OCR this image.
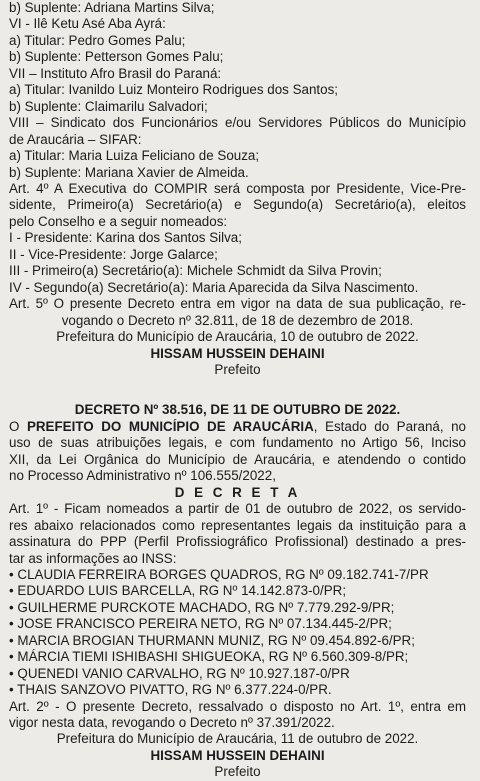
b) Suplente: Adriana Martins Silva;
VI - Ilê Ketu Asé Aba Ayrá:
a) Titular: Pedro Gomes Palu;
b) Suplente: Petterson Gomes Palu;
VII – Instituto Afro Brasil do Paraná:
a) Titular: Ivanildo Luiz Monteiro Rodrigues dos Santos;
b) Suplente: Claimarilu Salvadori;
VIII – Sindicato dos Funcionários e/ou Servidores Públicos do Município
de Araucária – SIFAR:
a) Titular: Maria Luiza Feliciano de Souza;
b) Suplente: Mariana Xavier de Almeida.
Art. 4º A Executiva do COMPIR será composta por Presidente, Vice-Pre-
sidente, Primeiro(a) Secretário(a) e Segundo(a) Secretário(a), eleitos
pelo Conselho e a seguir nomeados:
I - Presidente: Karina dos Santos Silva;
II - Vice-Presidente: Jorge Galarce;
III - Primeiro(a) Secretário(a): Michele Schmidt da Silva Provin;
IV - Segundo(a) Secretário(a): Maria Aparecida da Silva Nascimento.
Art. 5º O presente Decreto entra em vigor na data de sua publicação, re-
vogando o Decreto nº 32.811, de 18 de dezembro de 2018.
Prefeitura do Município de Araucária, 10 de outubro de 2022.
HISSAM HUSSEIN DEHAINI
Prefeito
DECRETO Nº 38.516, DE 11 DE OUTUBRO DE 2022.
O PREFEITO DO MUNICÍPIO DE ARAUCÁRIA, Estado do Paraná, no
uso de suas atribuições legais, e com fundamento no Artigo 56, Inciso
XII, da Lei Orgânica do Município de Araucária, e atendendo o contido
no Processo Administrativo nº 106.555/2022,
D E C R E T A
Art. 1º - Ficam nomeados a partir de 01 de outubro de 2022, os servido-
res abaixo relacionados como representantes legais da instituição para a
assinatura do PPP (Perfil Profissiográfico Profissional) destinado a pres-
tar as informações ao INSS:
• CLAUDIA FERREIRA BORGES QUADROS, RG Nº 09.182.741-7/PR
• EDUARDO LUIS BARCELLA, RG Nº 14.142.873-0/PR;
• GUILHERME PURCKOTE MACHADO, RG Nº 7.779.292-9/PR;
• JOSE FRANCISCO PEREIRA NETO, RG Nº 07.134.445-2/PR;
• MARCIA BROGIAN THURMANN MUNIZ, RG Nº 09.454.892-6/PR;
• MÁRCIA TIEMI ISHIBASHI SHIGUEOKA, RG Nº 6.560.309-8/PR;
• QUENEDI VANIO CARVALHO, RG Nº 10.927.187-0/PR
• THAIS SANZOVO PIVATTO, RG Nº 6.377.224-0/PR.
Art. 2º - O presente Decreto, ressalvado o disposto no Art. 1º, entra em
vigor nesta data, revogando o Decreto nº 37.391/2022.
Prefeitura do Município de Araucária, 11 de outubro de 2022.
HISSAM HUSSEIN DEHAINI
Prefeito
